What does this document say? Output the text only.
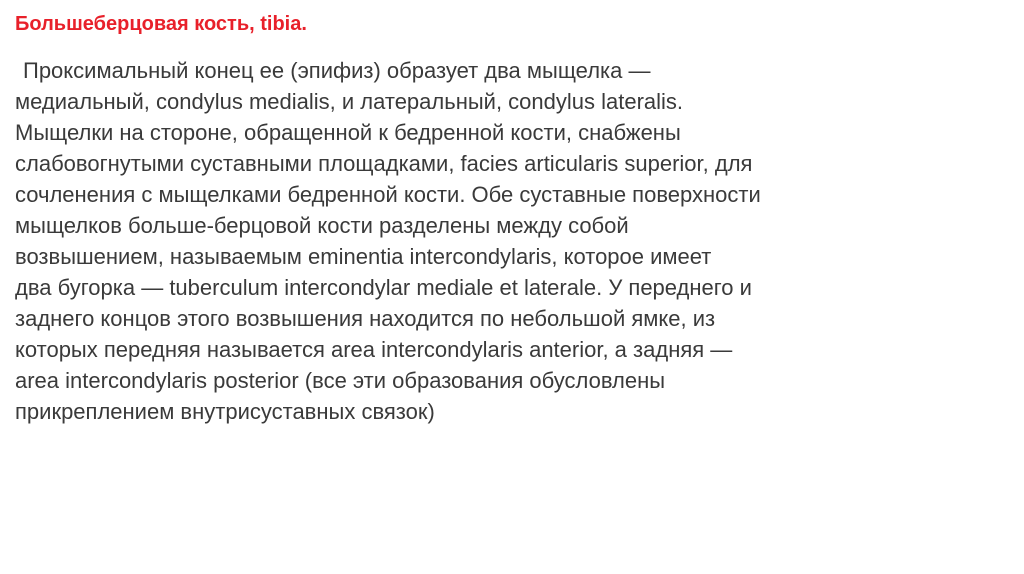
Большеберцовая кость, tibia.
Проксимальный конец ее (эпифиз) образует два мыщелка —
медиальный, condylus medialis, и латеральный, condylus lateralis.
Мыщелки на стороне, обращенной к бедренной кости, снабжены
слабовогнутыми суставными площадками, facies articularis superior, для
сочленения с мыщелками бедренной кости. Обе суставные поверхности
мыщелков больше-берцовой кости разделены между собой
возвышением, называемым eminentia intercondylaris, которое имеет
два бугорка — tuberculum intercondylar mediale et laterale. У переднего и
заднего концов этого возвышения находится по небольшой ямке, из
которых передняя называется area intercondylaris anterior, а задняя —
area intercondylaris posterior (все эти образования обусловлены
прикреплением внутрисуставных связок)
